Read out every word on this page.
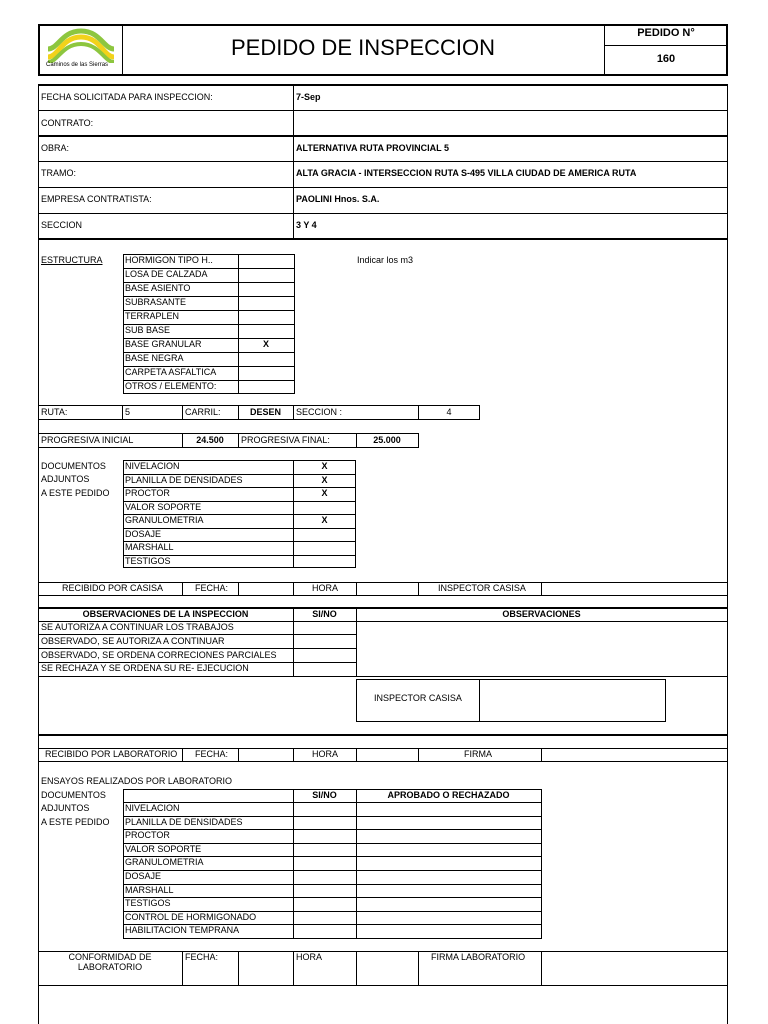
Caminos de las Sierras
PEDIDO DE INSPECCION
PEDIDO N°
160
FECHA SOLICITADA PARA INSPECCION:	7-Sep
CONTRATO:
OBRA:	ALTERNATIVA RUTA PROVINCIAL 5
TRAMO:	ALTA GRACIA - INTERSECCION RUTA S-495 VILLA CIUDAD DE AMERICA RUTA
EMPRESA CONTRATISTA:	PAOLINI Hnos. S.A.
SECCION	3 Y 4
ESTRUCTURA	Indicar los m3
HORMIGON TIPO H..
LOSA DE CALZADA
BASE ASIENTO
SUBRASANTE
TERRAPLEN
SUB BASE
BASE GRANULAR	X
BASE NEGRA
CARPETA ASFALTICA
OTROS / ELEMENTO:
RUTA:	5	CARRIL:	DESEN	SECCION :	4
PROGRESIVA INICIAL	24.500	PROGRESIVA FINAL:	25.000
DOCUMENTOS
ADJUNTOS
A ESTE PEDIDO
NIVELACION	X
PLANILLA DE DENSIDADES	X
PROCTOR	X
VALOR SOPORTE
GRANULOMETRIA	X
DOSAJE
MARSHALL
TESTIGOS
RECIBIDO POR CASISA	FECHA:	HORA	INSPECTOR CASISA
OBSERVACIONES DE LA INSPECCION	SI/NO	OBSERVACIONES
SE AUTORIZA A CONTINUAR LOS TRABAJOS
OBSERVADO, SE AUTORIZA A CONTINUAR
OBSERVADO, SE ORDENA CORRECIONES PARCIALES
SE RECHAZA Y SE ORDENA SU RE- EJECUCION
INSPECTOR CASISA
RECIBIDO POR LABORATORIO FECHA:	HORA	FIRMA
ENSAYOS REALIZADOS POR LABORATORIO
DOCUMENTOS
ADJUNTOS
A ESTE PEDIDO
SI/NO	APROBADO O RECHAZADO
NIVELACION
PLANILLA DE DENSIDADES
PROCTOR
VALOR SOPORTE
GRANULOMETRIA
DOSAJE
MARSHALL
TESTIGOS
CONTROL DE HORMIGONADO
HABILITACION TEMPRANA
CONFORMIDAD DE
LABORATORIO
FECHA:	HORA	FIRMA LABORATORIO
